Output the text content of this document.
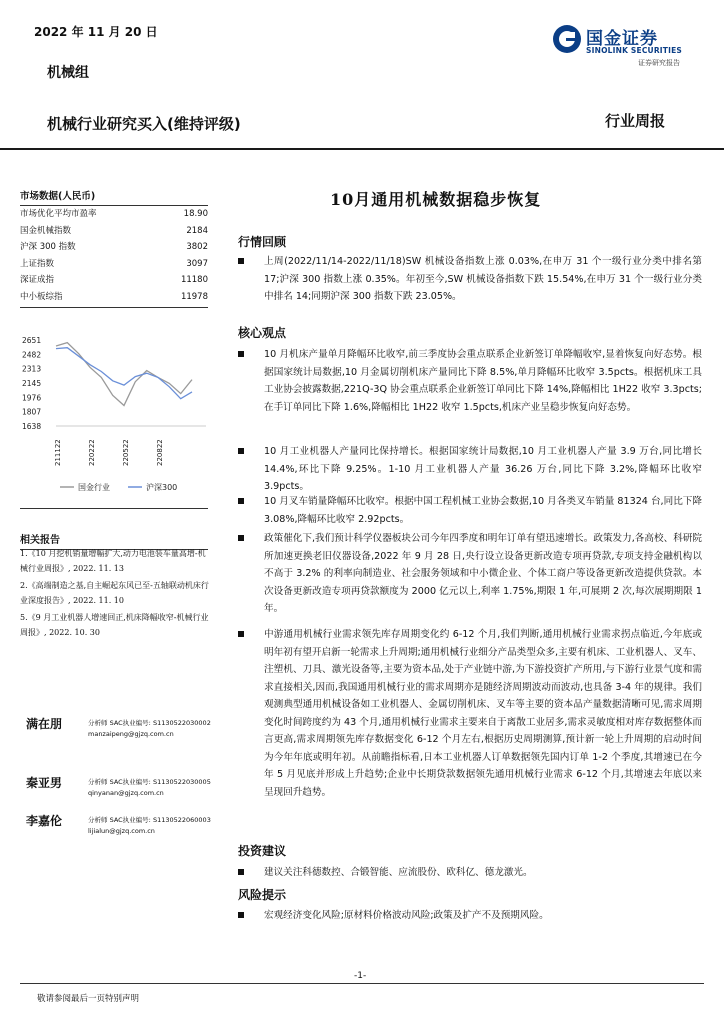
2022 年 11 月 20 日	国金证券
SINOLINK SECURITIES
证券研究报告
机械组
机械行业研究买入(维持评级)	行业周报
市场数据(人民币)
市场优化平均市盈率	18.90
国金机械指数	2184
沪深 300 指数	3802
上证指数	3097
深证成指	11180
中小板综指	11978
2651
2482
2313
2145
1976
1807
1638
211122	220222	220522	220822
国金行业	沪深300
相关报告
1.《10 月挖机销量增幅扩大,动力电池装车量高增-机械行业周报》, 2022. 11. 13
2.《高端制造之基,自主崛起东风已至-五轴联动机床行业深度报告》, 2022. 11. 10
5.《9 月工业机器人增速回正,机床降幅收窄-机械行业周报》, 2022. 10. 30
满在朋	分析师 SAC执业编号: S1130522030002
manzaipeng@gjzq.com.cn
秦亚男	分析师 SAC执业编号: S1130522030005
qinyanan@gjzq.com.cn
李嘉伦	分析师 SAC执业编号: S1130522060003
lijialun@gjzq.com.cn
10月通用机械数据稳步恢复
行情回顾
上周(2022/11/14-2022/11/18)SW 机械设备指数上涨 0.03%,在申万 31 个一级行业分类中排名第 17;沪深 300 指数上涨 0.35%。年初至今,SW 机械设备指数下跌 15.54%,在申万 31 个一级行业分类中排名 14;同期沪深 300 指数下跌 23.05%。
核心观点
10 月机床产量单月降幅环比收窄,前三季度协会重点联系企业新签订单降幅收窄,显着恢复向好态势。根据国家统计局数据,10 月金属切削机床产量同比下降 8.5%,单月降幅环比收窄 3.5pcts。根据机床工具工业协会披露数据,221Q-3Q 协会重点联系企业新签订单同比下降 14%,降幅相比 1H22 收窄 3.3pcts;在手订单同比下降 1.6%,降幅相比 1H22 收窄 1.5pcts,机床产业呈稳步恢复向好态势。
10 月工业机器人产量同比保持增长。根据国家统计局数据,10 月工业机器人产量 3.9 万台,同比增长 14.4%,环比下降 9.25%。1-10 月工业机器人产量 36.26 万台,同比下降 3.2%,降幅环比收窄 3.9pcts。
10 月叉车销量降幅环比收窄。根据中国工程机械工业协会数据,10 月各类叉车销量 81324 台,同比下降 3.08%,降幅环比收窄 2.92pcts。
政策催化下,我们预计科学仪器板块公司今年四季度和明年订单有望迅速增长。政策发力,各高校、科研院所加速更换老旧仪器设备,2022 年 9 月 28 日,央行设立设备更新改造专项再贷款,专项支持金融机构以不高于 3.2% 的利率向制造业、社会服务领域和中小微企业、个体工商户等设备更新改造提供贷款。本次设备更新改造专项再贷款额度为 2000 亿元以上,利率 1.75%,期限 1 年,可展期 2 次,每次展期期限 1 年。
中游通用机械行业需求领先库存周期变化约 6-12 个月,我们判断,通用机械行业需求拐点临近,今年底或明年初有望开启新一轮需求上升周期;通用机械行业细分产品类型众多,主要有机床、工业机器人、叉车、注塑机、刀具、激光设备等,主要为资本品,处于产业链中游,为下游投资扩产所用,与下游行业景气度和需求直接相关,因而,我国通用机械行业的需求周期亦是随经济周期波动而波动,也具备 3-4 年的规律。我们观测典型通用机械设备如工业机器人、金属切削机床、叉车等主要的资本品产量数据清晰可见,需求周期变化时间跨度约为 43 个月,通用机械行业需求主要来自于离散工业居多,需求灵敏度相对库存数据整体而言更高,需求周期领先库存数据变化 6-12 个月左右,根据历史周期测算,预计新一轮上升周期的启动时间为今年年底或明年初。从前瞻指标看,日本工业机器人订单数据领先国内订单 1-2 个季度,其增速已在今年 5 月见底并形成上升趋势;企业中长期贷款数据领先通用机械行业需求 6-12 个月,其增速去年底以来呈现回升趋势。
投资建议
建议关注科德数控、合锻智能、应流股份、欧科亿、德龙激光。
风险提示
宏观经济变化风险;原材料价格波动风险;政策及扩产不及预期风险。
-1-
敬请参阅最后一页特别声明
